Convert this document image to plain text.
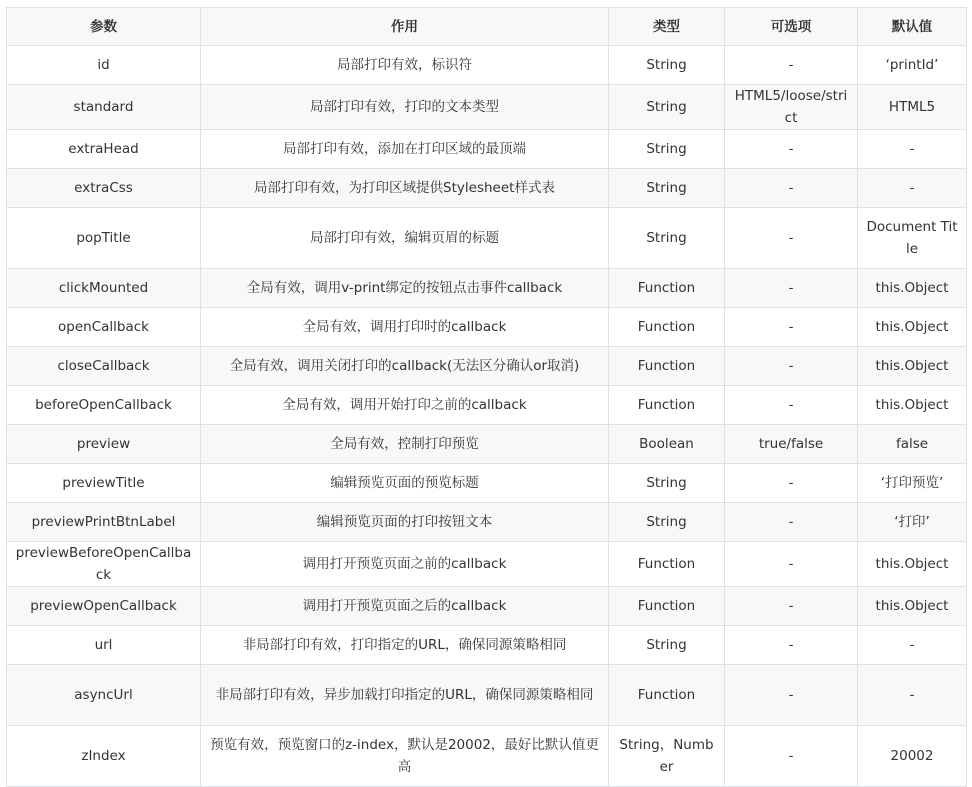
参数	作用	类型	可选项	默认值
id	局部打印有效，标识符	String	-	‘printId’
standard	局部打印有效，打印的文本类型	String	HTML5/loose/strict	HTML5
extraHead	局部打印有效，添加在打印区域的最顶端	String	-	-
extraCss	局部打印有效，为打印区域提供Stylesheet样式表	String	-	-
popTitle	局部打印有效，编辑页眉的标题	String	-	Document Title
clickMounted	全局有效，调用v-print绑定的按钮点击事件callback	Function	-	this.Object
openCallback	全局有效，调用打印时的callback	Function	-	this.Object
closeCallback	全局有效，调用关闭打印的callback(无法区分确认or取消)	Function	-	this.Object
beforeOpenCallback	全局有效，调用开始打印之前的callback	Function	-	this.Object
preview	全局有效，控制打印预览	Boolean	true/false	false
previewTitle	编辑预览页面的预览标题	String	-	‘打印预览’
previewPrintBtnLabel	编辑预览页面的打印按钮文本	String	-	‘打印’
previewBeforeOpenCallback	调用打开预览页面之前的callback	Function	-	this.Object
previewOpenCallback	调用打开预览页面之后的callback	Function	-	this.Object
url	非局部打印有效，打印指定的URL，确保同源策略相同	String	-	-
asyncUrl	非局部打印有效，异步加载打印指定的URL，确保同源策略相同	Function	-	-
zIndex	预览有效，预览窗口的z-index，默认是20002，最好比默认值更高	String，Number	-	20002
